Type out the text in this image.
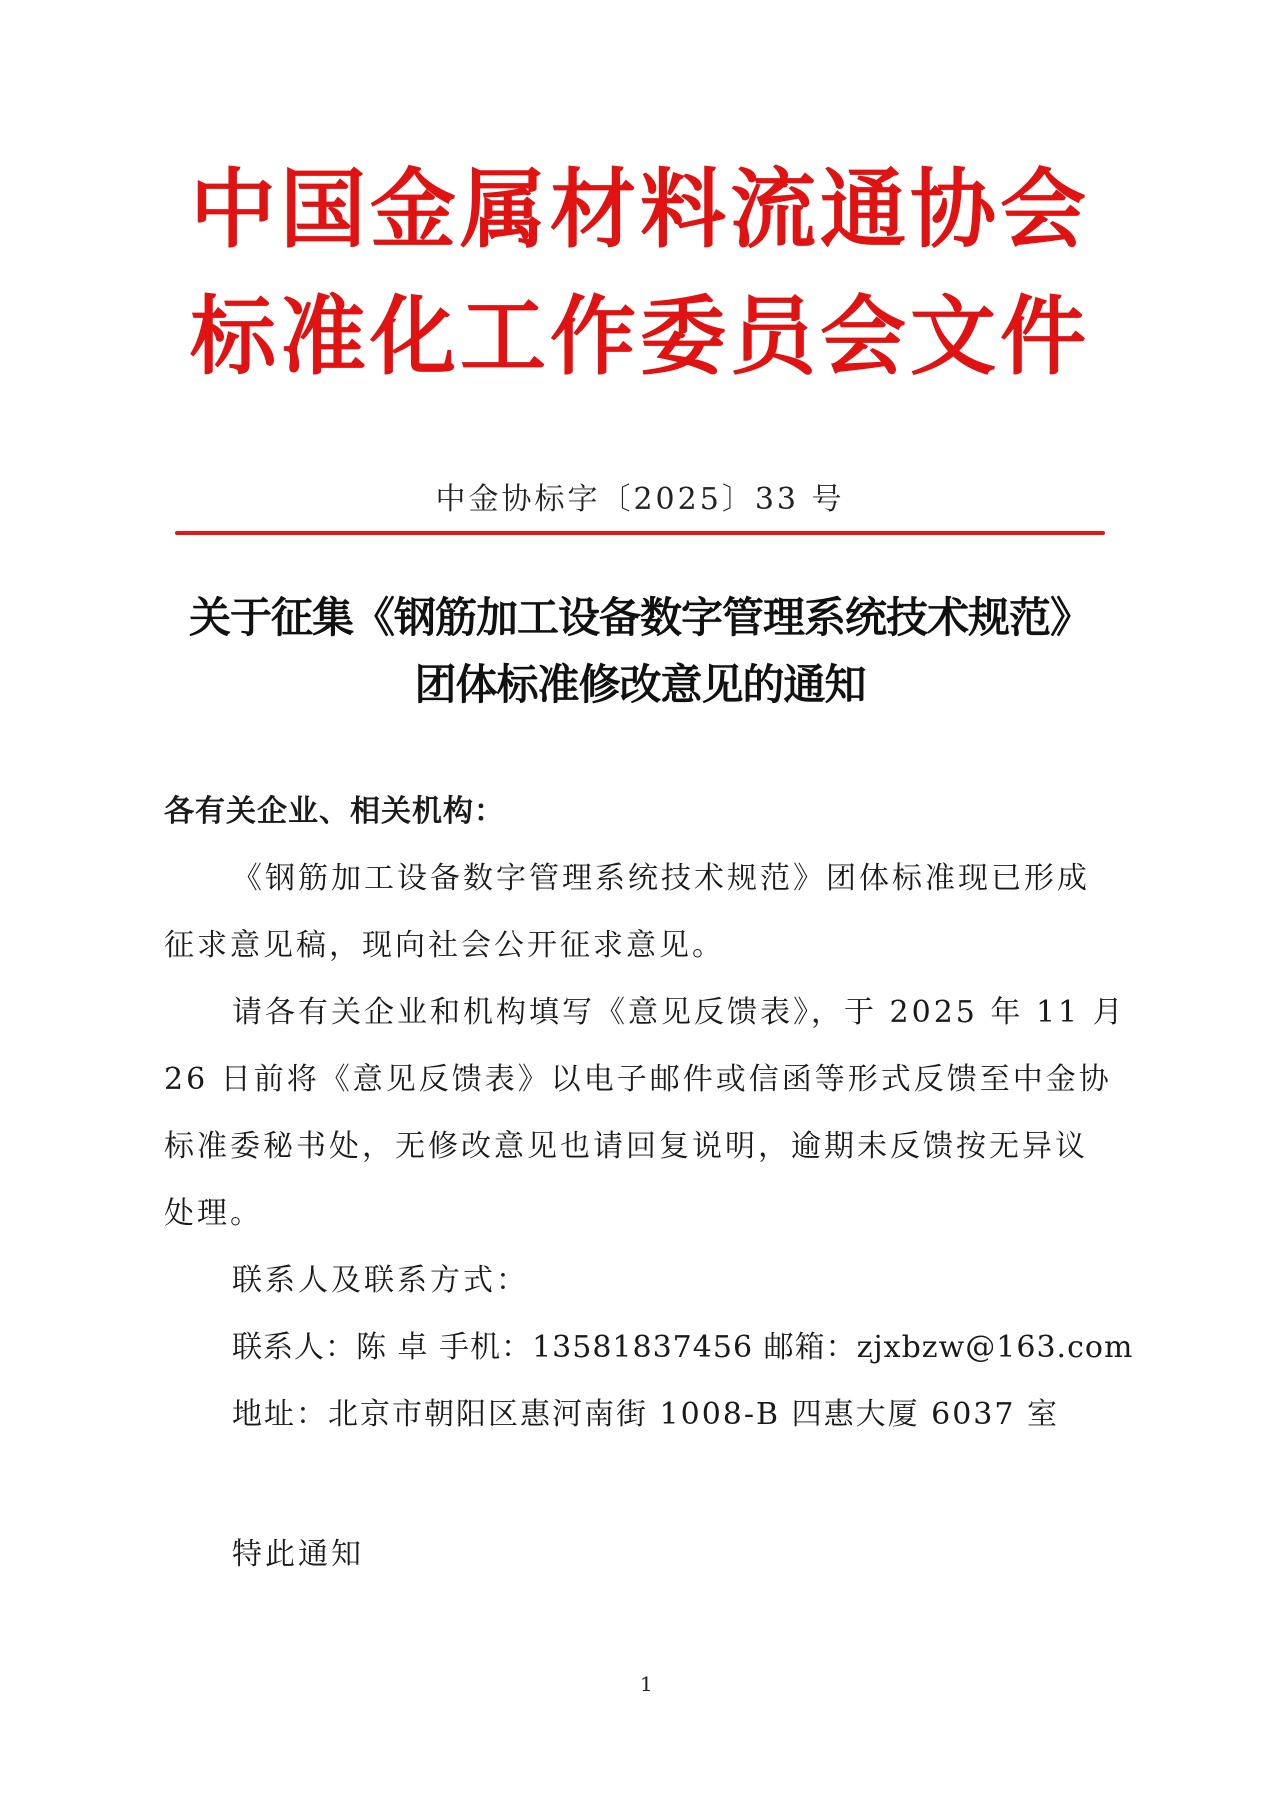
中国金属材料流通协会
标准化工作委员会文件
中金协标字〔2025〕33 号
关于征集《钢筋加工设备数字管理系统技术规范》
团体标准修改意见的通知
各有关企业、相关机构：
《钢筋加工设备数字管理系统技术规范》团体标准现已形成
征求意见稿，现向社会公开征求意见。
请各有关企业和机构填写《意见反馈表》，于 2025 年 11 月
26 日前将《意见反馈表》以电子邮件或信函等形式反馈至中金协
标准委秘书处，无修改意见也请回复说明，逾期未反馈按无异议
处理。
联系人及联系方式：
联系人：陈 卓 手机：13581837456 邮箱：zjxbzw@163.com
地址：北京市朝阳区惠河南街 1008-B 四惠大厦 6037 室
特此通知
1
